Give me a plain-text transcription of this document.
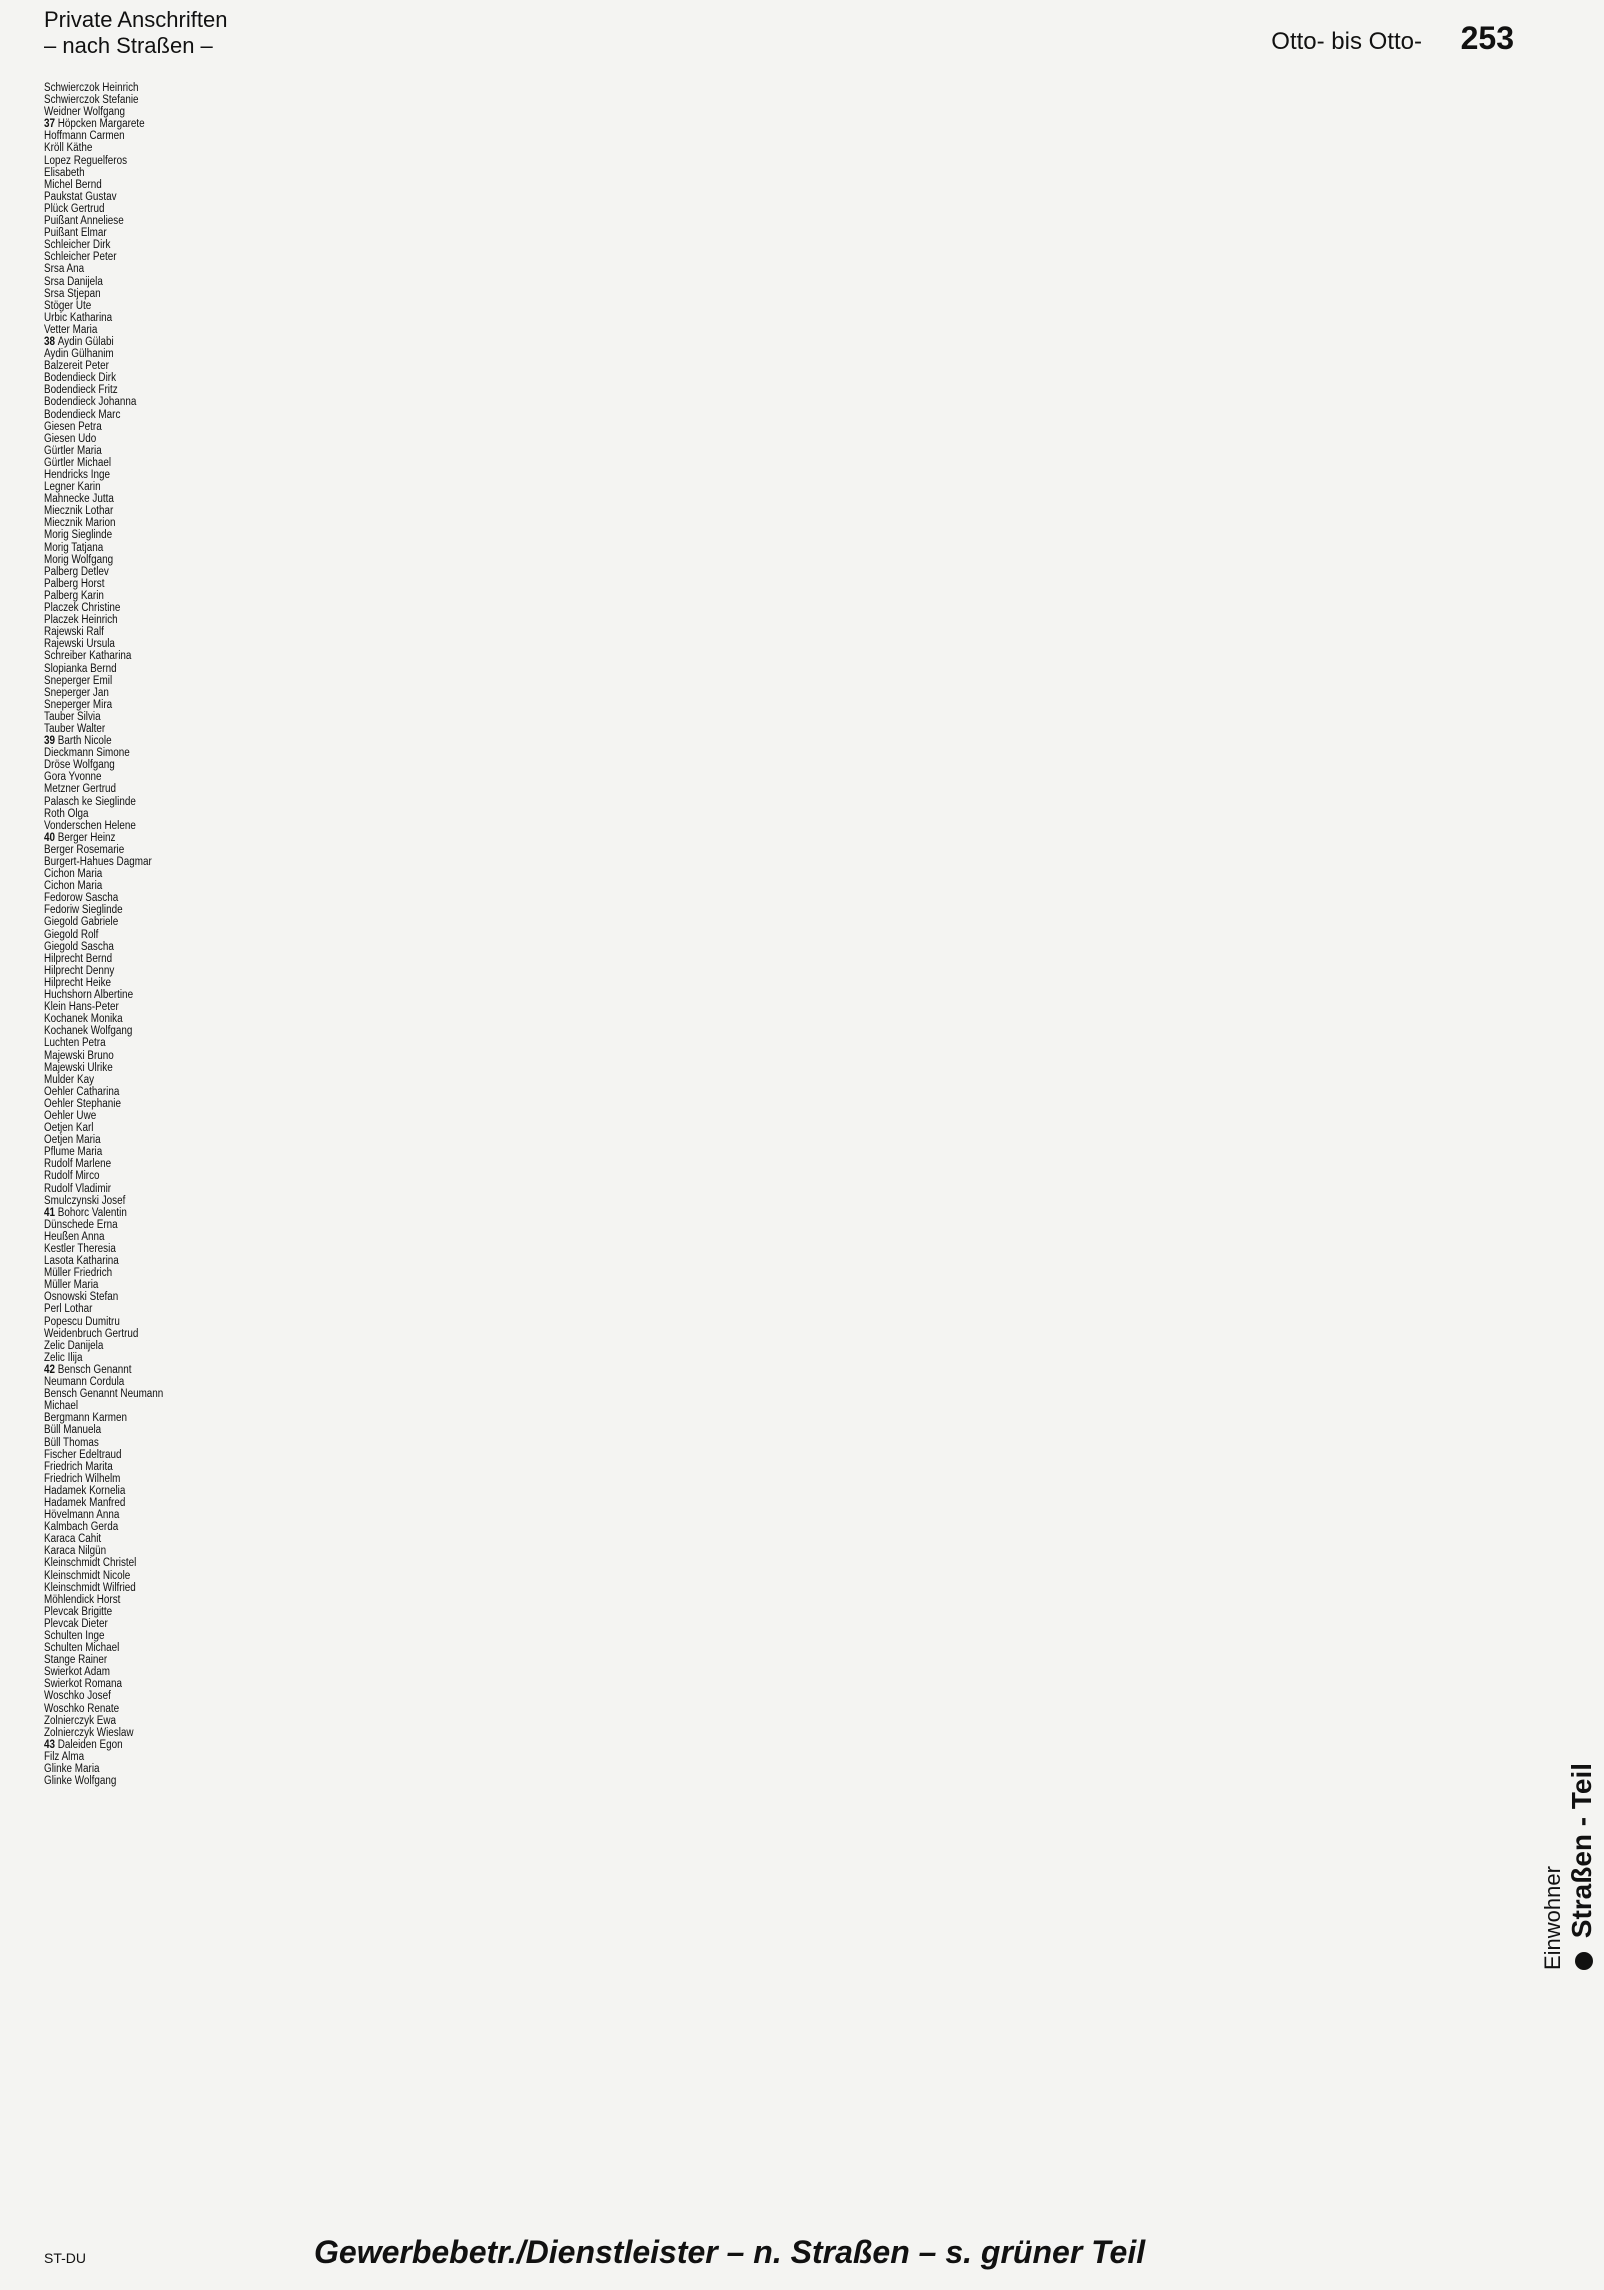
Private Anschriften
– nach Straßen –	Otto- bis Otto- 253
Schwierczok Heinrich
Schwierczok Stefanie
Weidner Wolfgang
37 Höpcken Margarete
Hoffmann Carmen
Kröll Käthe
Lopez Reguelferos
Elisabeth
Michel Bernd
Paukstat Gustav
Plück Gertrud
Puißant Anneliese
Puißant Elmar
Schleicher Dirk
Schleicher Peter
Srsa Ana
Srsa Danijela
Srsa Stjepan
Stöger Ute
Urbic Katharina
Vetter Maria
38 Aydin Gülabi
Aydin Gülhanim
Balzereit Peter
Bodendieck Dirk
Bodendieck Fritz
Bodendieck Johanna
Bodendieck Marc
Giesen Petra
Giesen Udo
Gürtler Maria
Gürtler Michael
Hendricks Inge
Legner Karin
Mahnecke Jutta
Miecznik Lothar
Miecznik Marion
Morig Sieglinde
Morig Tatjana
Morig Wolfgang
Palberg Detlev
Palberg Horst
Palberg Karin
Placzek Christine
Placzek Heinrich
Rajewski Ralf
Rajewski Ursula
Schreiber Katharina
Slopianka Bernd
Sneperger Emil
Sneperger Jan
Sneperger Mira
Tauber Silvia
Tauber Walter
39 Barth Nicole
Dieckmann Simone
Dröse Wolfgang
Gora Yvonne
Metzner Gertrud
Palasch ke Sieglinde
Roth Olga
Vonderschen Helene
40 Berger Heinz
Berger Rosemarie
Burgert-Hahues Dagmar
Cichon Maria
Cichon Maria
Fedorow Sascha
Fedoriw Sieglinde
Giegold Gabriele
Giegold Rolf
Giegold Sascha
Hilprecht Bernd
Hilprecht Denny
Hilprecht Heike
Huchshorn Albertine
Klein Hans-Peter
Kochanek Monika
Kochanek Wolfgang
Luchten Petra
Majewski Bruno
Majewski Ulrike
Mulder Kay
Oehler Catharina
Oehler Stephanie
Oehler Uwe
Oetjen Karl
Oetjen Maria
Pflume Maria
Rudolf Marlene
Rudolf Mirco
Rudolf Vladimir
Smulczynski Josef
41 Bohorc Valentin
Dünschede Erna
Heußen Anna
Kestler Theresia
Lasota Katharina
Müller Friedrich
Müller Maria
Osnowski Stefan
Perl Lothar
Popescu Dumitru
Weidenbruch Gertrud
Zelic Danijela
Zelic Ilija
42 Bensch Genannt
Neumann Cordula
Bensch Genannt Neumann
Michael
Bergmann Karmen
Büll Manuela
Büll Thomas
Fischer Edeltraud
Friedrich Marita
Friedrich Wilhelm
Hadamek Kornelia
Hadamek Manfred
Hövelmann Anna
Kalmbach Gerda
Karaca Cahit
Karaca Nilgün
Kleinschmidt Christel
Kleinschmidt Nicole
Kleinschmidt Wilfried
Möhlendick Horst
Plevcak Brigitte
Plevcak Dieter
Schulten Inge
Schulten Michael
Stange Rainer
Swierkot Adam
Swierkot Romana
Woschko Josef
Woschko Renate
Zolnierczyk Ewa
Zolnierczyk Wieslaw
43 Daleiden Egon
Filz Alma
Glinke Maria
Glinke Wolfgang
Einwohner Straßen - Teil
ST-DU	Gewerbebetr./Dienstleister – n. Straßen – s. grüner Teil
